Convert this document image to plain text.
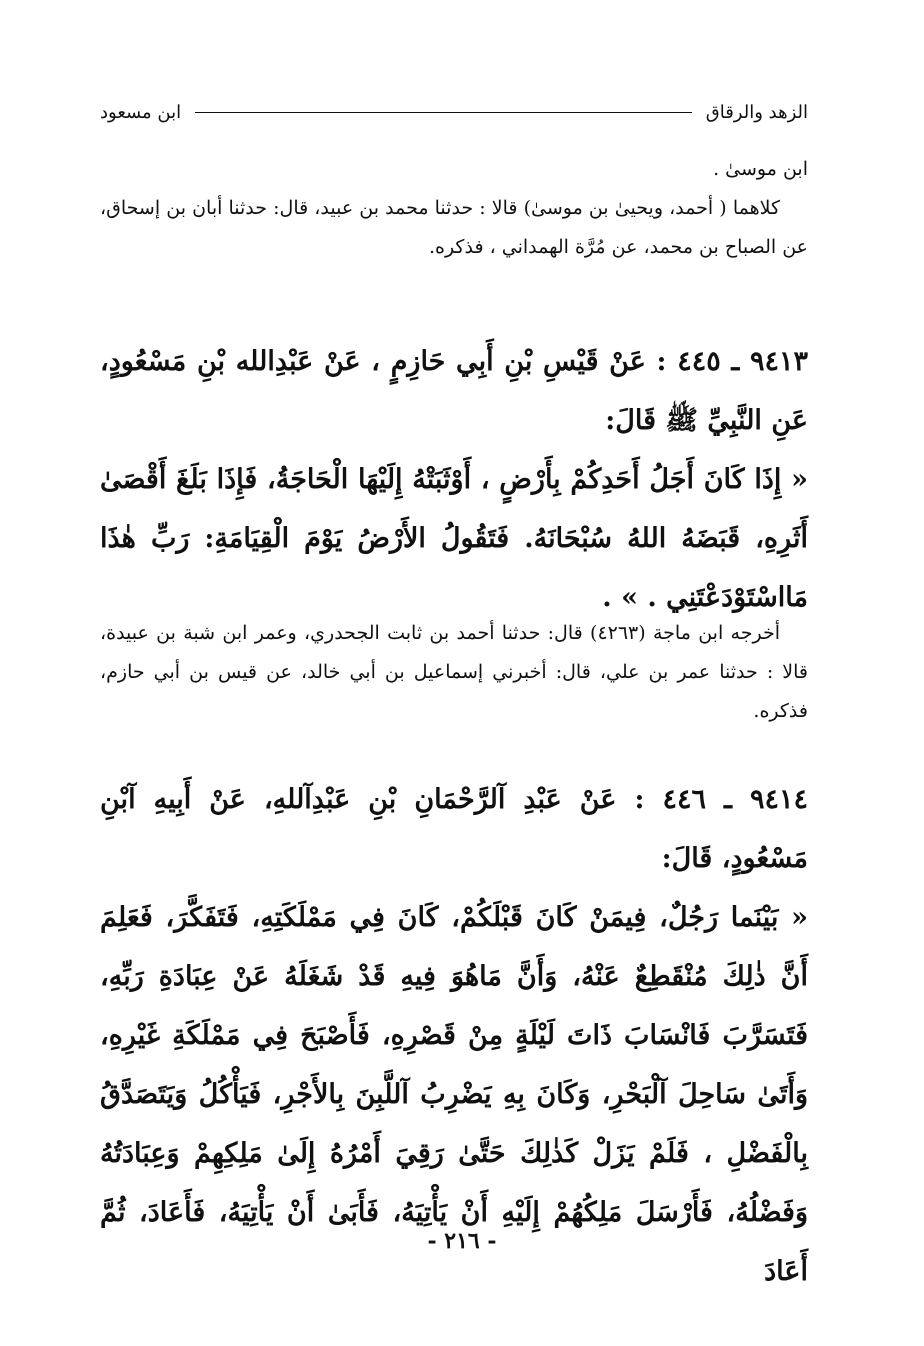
الزهد والرقاق
ابن مسعود

ابن موسىٰ .

كلاهما ( أحمد، ويحيىٰ بن موسىٰ) قالا : حدثنا محمد بن عبيد، قال: حدثنا أبان بن إسحاق، عن الصباح بن محمد، عن مُرَّة الهمداني ، فذكره.

٩٤١٣ ـ ٤٤٥ : عَنْ قَيْسِ بْنِ أَبِي حَازِمٍ ، عَنْ عَبْدِالله بْنِ مَسْعُودٍ، عَنِ النَّبِيِّ ﷺ قَالَ:

« إِذَا كَانَ أَجَلُ أَحَدِكُمْ بِأَرْضٍ ، أَوْثَبَتْهُ إِلَيْهَا الْحَاجَةُ، فَإِذَا بَلَغَ أَقْصَىٰ أَثَرِهِ، قَبَضَهُ اللهُ سُبْحَانَهُ. فَتَقُولُ الأَرْضُ يَوْمَ الْقِيَامَةِ: رَبِّ هٰذَا مَااسْتَوْدَعْتَنِي . » .

أخرجه ابن ماجة (٤٢٦٣) قال: حدثنا أحمد بن ثابت الجحدري، وعمر ابن شبة بن عبيدة، قالا : حدثنا عمر بن علي، قال: أخبرني إسماعيل بن أبي خالد، عن قيس بن أبي حازم، فذكره.

٩٤١٤ ـ ٤٤٦ : عَنْ عَبْدِ آلرَّحْمَانِ بْنِ عَبْدِآللهِ، عَنْ أَبِيهِ آبْنِ مَسْعُودٍ، قَالَ:

« بَيْنَما رَجُلٌ، فِيمَنْ كَانَ قَبْلَكُمْ، كَانَ فِي مَمْلَكَتِهِ، فَتَفَكَّرَ، فَعَلِمَ أَنَّ ذٰلِكَ مُنْقَطِعٌ عَنْهُ، وَأَنَّ مَاهُوَ فِيهِ قَدْ شَغَلَهُ عَنْ عِبَادَةِ رَبِّهِ، فَتَسَرَّبَ فَانْسَابَ ذَاتَ لَيْلَةٍ مِنْ قَصْرِهِ، فَأَصْبَحَ فِي مَمْلَكَةِ غَيْرِهِ، وَأَتَىٰ سَاحِلَ آلْبَحْرِ، وَكَانَ بِهِ يَضْرِبُ آللَّبِنَ بِالأَجْرِ، فَيَأْكُلُ وَيَتَصَدَّقُ بِالْفَضْلِ ، فَلَمْ يَزَلْ كَذٰلِكَ حَتَّىٰ رَقِيَ أَمْرُهُ إِلَىٰ مَلِكِهِمْ وَعِبَادَتُهُ وَفَضْلُهُ، فَأَرْسَلَ مَلِكُهُمْ إِلَيْهِ أَنْ يَأْتِيَهُ، فَأَبَىٰ أَنْ يَأْتِيَهُ، فَأَعَادَ، ثُمَّ أَعَادَ

- ٢١٦ -
